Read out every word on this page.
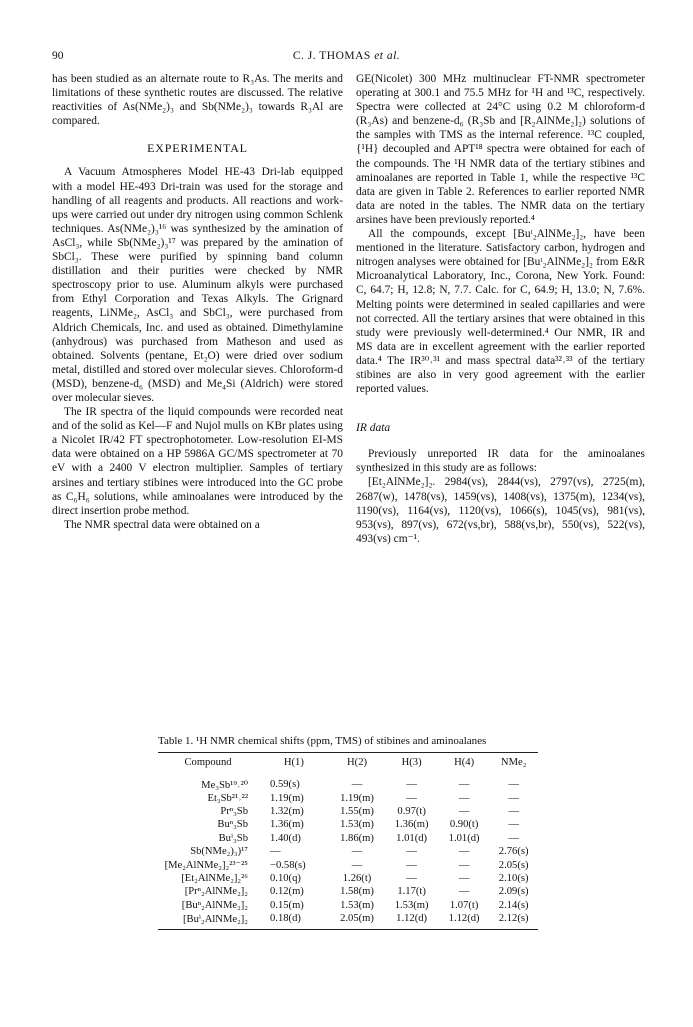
90	C. J. THOMAS et al.

has been studied as an alternate route to R₃As. The merits and limitations of these synthetic routes are discussed. The relative reactivities of As(NMe₂)₃ and Sb(NMe₂)₃ towards R₃Al are compared.

EXPERIMENTAL

A Vacuum Atmospheres Model HE-43 Dri-lab equipped with a model HE-493 Dri-train was used for the storage and handling of all reagents and products. All reactions and work-ups were carried out under dry nitrogen using common Schlenk techniques. As(NMe₂)₃¹⁶ was synthesized by the amination of AsCl₃, while Sb(NMe₂)₃¹⁷ was prepared by the amination of SbCl₃. These were purified by spinning band column distillation and their purities were checked by NMR spectroscopy prior to use. Aluminum alkyls were purchased from Ethyl Corporation and Texas Alkyls. The Grignard reagents, LiNMe₂, AsCl₃ and SbCl₃, were purchased from Aldrich Chemicals, Inc. and used as obtained. Dimethylamine (anhydrous) was purchased from Matheson and used as obtained. Solvents (pentane, Et₂O) were dried over sodium metal, distilled and stored over molecular sieves. Chloroform-d (MSD), benzene-d₆ (MSD) and Me₄Si (Aldrich) were stored over molecular sieves.

The IR spectra of the liquid compounds were recorded neat and of the solid as Kel—F and Nujol mulls on KBr plates using a Nicolet IR/42 FT spectrophotometer. Low-resolution EI-MS data were obtained on a HP 5986A GC/MS spectrometer at 70 eV with a 2400 V electron multiplier. Samples of tertiary arsines and tertiary stibines were introduced into the GC probe as C₆H₆ solutions, while aminoalanes were introduced by the direct insertion probe method.

The NMR spectral data were obtained on a

GE(Nicolet) 300 MHz multinuclear FT-NMR spectrometer operating at 300.1 and 75.5 MHz for ¹H and ¹³C, respectively. Spectra were collected at 24°C using 0.2 M chloroform-d (R₃As) and benzene-d₆ (R₃Sb and [R₂AlNMe₂]₂) solutions of the samples with TMS as the internal reference. ¹³C coupled, {¹H} decoupled and APT¹⁸ spectra were obtained for each of the compounds. The ¹H NMR data of the tertiary stibines and aminoalanes are reported in Table 1, while the respective ¹³C data are given in Table 2. References to earlier reported NMR data are noted in the tables. The NMR data on the tertiary arsines have been previously reported.⁴

All the compounds, except [Buᵗ₂AlNMe₂]₂, have been mentioned in the literature. Satisfactory carbon, hydrogen and nitrogen analyses were obtained for [Buᵗ₂AlNMe₂]₂ from E&R Microanalytical Laboratory, Inc., Corona, New York. Found: C, 64.7; H, 12.8; N, 7.7. Calc. for C, 64.9; H, 13.0; N, 7.6%. Melting points were determined in sealed capillaries and were not corrected. All the tertiary arsines that were obtained in this study were previously well-determined.⁴ Our NMR, IR and MS data are in excellent agreement with the earlier reported data.⁴ The IR³⁰˒³¹ and mass spectral data³²˒³³ of the tertiary stibines are also in very good agreement with the earlier reported values.

IR data

Previously unreported IR data for the aminoalanes synthesized in this study are as follows:

[Et₂AlNMe₂]₂. 2984(vs), 2844(vs), 2797(vs), 2725(m), 2687(w), 1478(vs), 1459(vs), 1408(vs), 1375(m), 1234(vs), 1190(vs), 1164(vs), 1120(vs), 1066(s), 1045(vs), 981(vs), 953(vs), 897(vs), 672(vs,br), 588(vs,br), 550(vs), 522(vs), 493(vs) cm⁻¹.

Table 1. ¹H NMR chemical shifts (ppm, TMS) of stibines and aminoalanes
Compound	H(1)	H(2)	H(3)	H(4)	NMe₂
Me₃Sb¹⁹˒²⁰	0.59(s)	—	—	—	—
Et₃Sb²¹˒²²	1.19(m)	1.19(m)	—	—	—
Prⁿ₃Sb	1.32(m)	1.55(m)	0.97(t)	—	—
Buⁿ₃Sb	1.36(m)	1.53(m)	1.36(m)	0.90(t)	—
Buⁱ₃Sb	1.40(d)	1.86(m)	1.01(d)	1.01(d)	—
Sb(NMe₂)₃)¹⁷	—	—	—	—	2.76(s)
[Me₂AlNMe₂]₂²³⁻²⁵	−0.58(s)	—	—	—	2.05(s)
[Et₂AlNMe₂]₂²⁶	0.10(q)	1.26(t)	—	—	2.10(s)
[Prⁿ₂AlNMe₂]₂	0.12(m)	1.58(m)	1.17(t)	—	2.09(s)
[Buⁿ₂AlNMe₂]₂	0.15(m)	1.53(m)	1.53(m)	1.07(t)	2.14(s)
[Buⁱ₂AlNMe₂]₂	0.18(d)	2.05(m)	1.12(d)	1.12(d)	2.12(s)
